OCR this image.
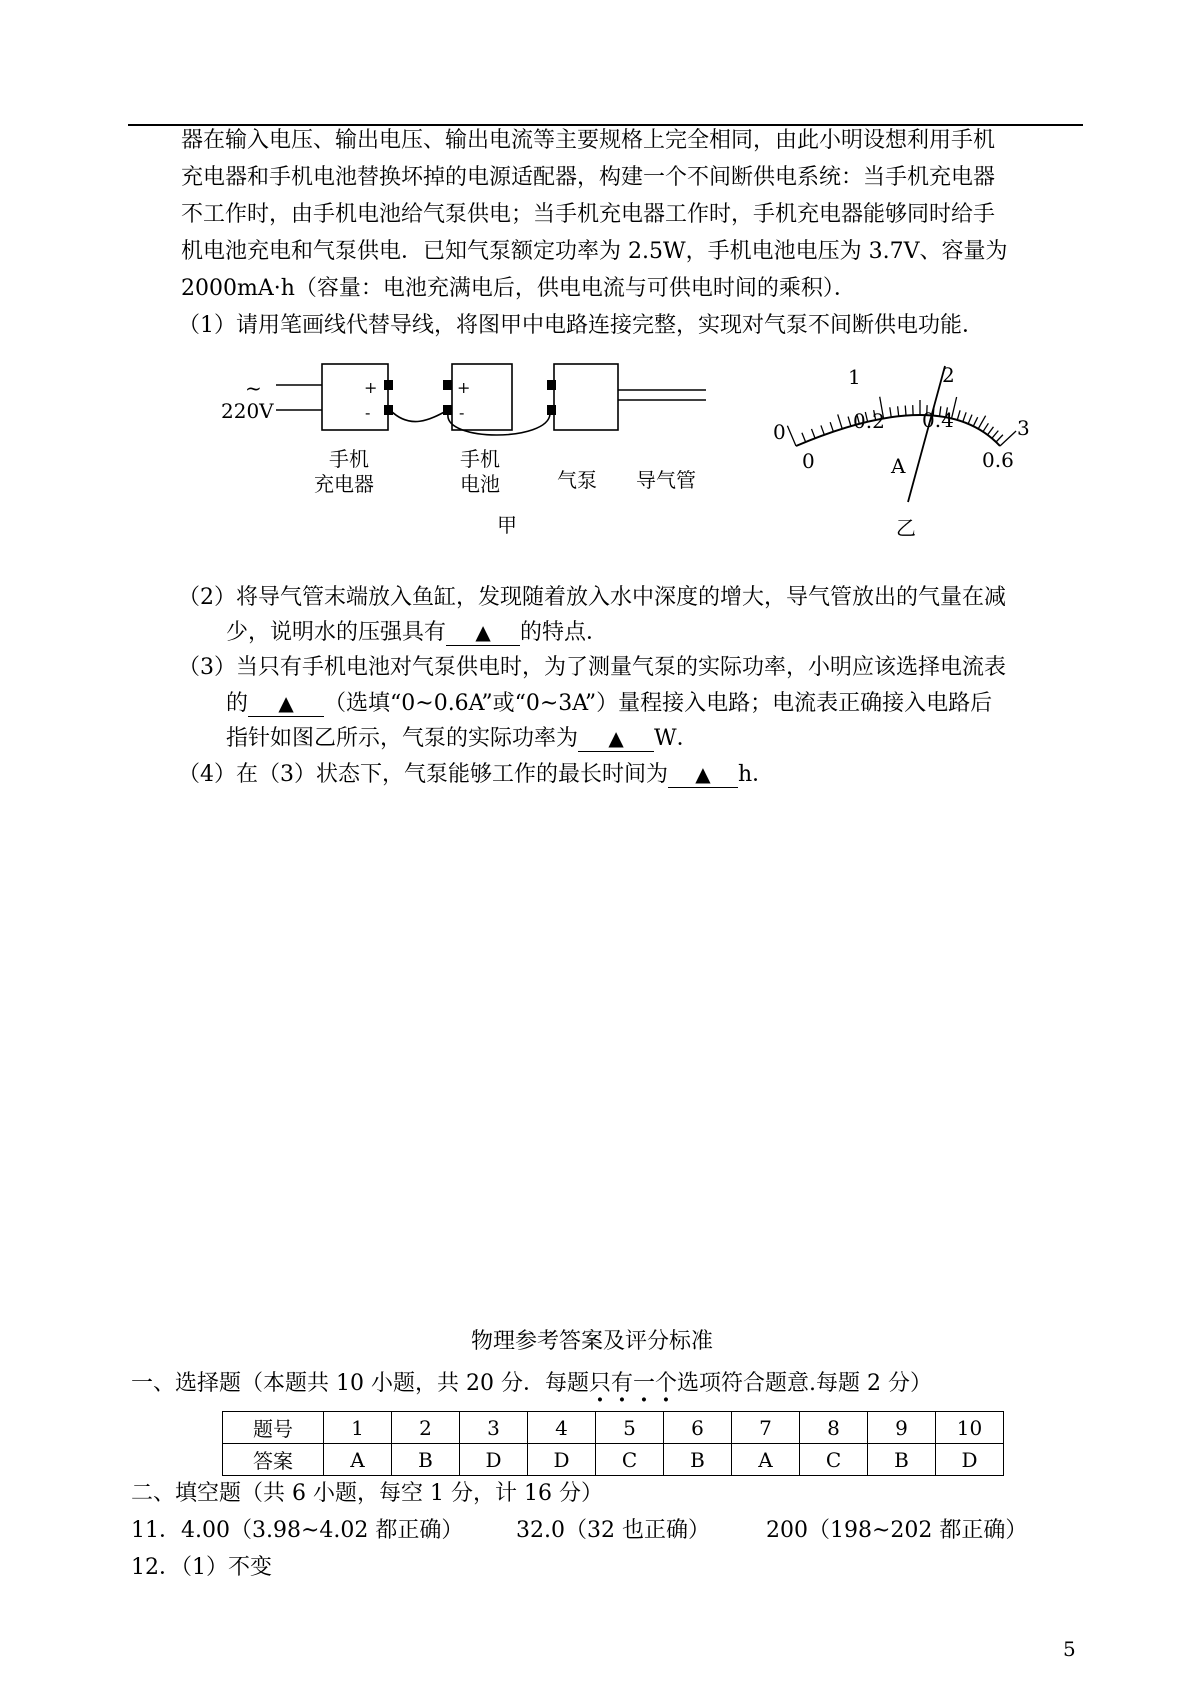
器在输入电压、输出电压、输出电流等主要规格上完全相同，由此小明设想利用手机
充电器和手机电池替换坏掉的电源适配器，构建一个不间断供电系统：当手机充电器
不工作时，由手机电池给气泵供电；当手机充电器工作时，手机充电器能够同时给手
机电池充电和气泵供电．已知气泵额定功率为 2.5W，手机电池电压为 3.7V、容量为
2000mA·h（容量：电池充满电后，供电电流与可供电时间的乘积）．
（1）请用笔画线代替导线，将图甲中电路连接完整，实现对气泵不间断供电功能．
~
220V
+
-
+
-
手机
充电器
手机
电池	气泵 导气管
甲
0
1	2
3
0
0.2 0.4
0.6
A
乙
（2）将导气管末端放入鱼缸，发现随着放入水中深度的增大，导气管放出的气量在减
少，说明水的压强具有 ▲ 的特点．
（3）当只有手机电池对气泵供电时，为了测量气泵的实际功率，小明应该选择电流表
的 ▲ （选填“0~0.6A”或“0~3A”）量程接入电路；电流表正确接入电路后
指针如图乙所示，气泵的实际功率为 ▲ W．
（4）在（3）状态下，气泵能够工作的最长时间为 ▲ h．
物理参考答案及评分标准
一、选择题（本题共 10 小题，共 20 分．每题只有一个选项符合题意.每题 2 分）
题号	1	2	3	4	5	6	7	8	9	10
答案	A	B	D	D	C	B	A	C	B	D
二、填空题（共 6 小题，每空 1 分，计 16 分）
11．4.00（3.98~4.02 都正确） 32.0（32 也正确）	200（198~202 都正确）
12．（1）不变
5
